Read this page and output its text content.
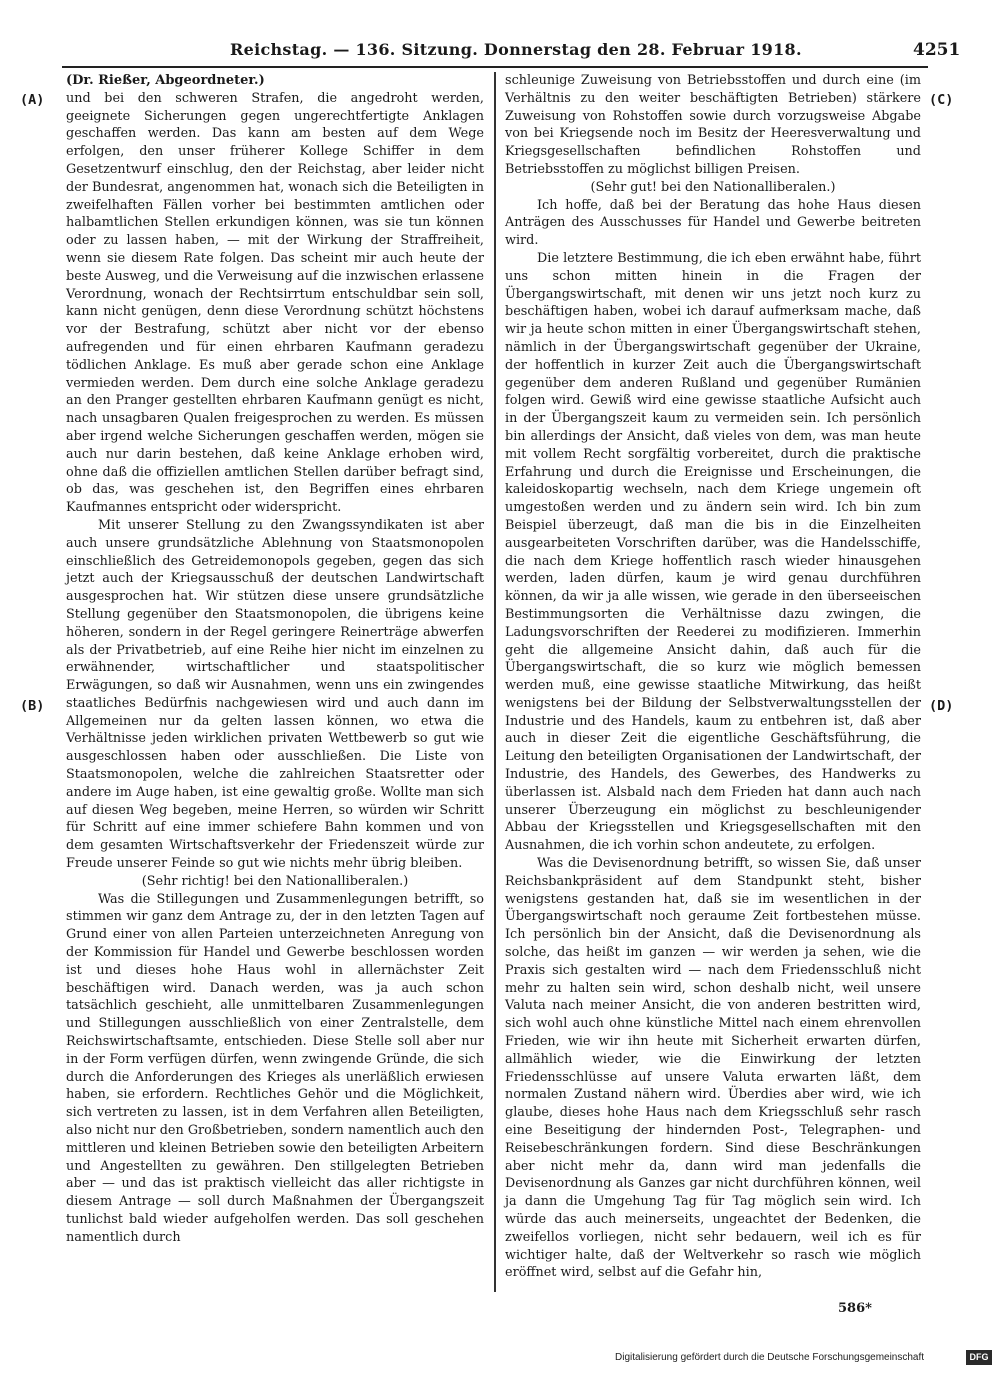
Reichstag. — 136. Sitzung. Donnerstag den 28. Februar 1918.	4251
(A)
(B)
(C)
(D)

(Dr. Rießer, Abgeordneter.)

und bei den schweren Strafen, die angedroht werden, geeignete Sicherungen gegen ungerechtfertigte Anklagen geschaffen werden. Das kann am besten auf dem Wege erfolgen, den unser früherer Kollege Schiffer in dem Gesetzentwurf einschlug, den der Reichstag, aber leider nicht der Bundesrat, angenommen hat, wonach sich die Beteiligten in zweifelhaften Fällen vorher bei bestimmten amtlichen oder halbamtlichen Stellen erkundigen können, was sie tun können oder zu lassen haben, — mit der Wirkung der Straffreiheit, wenn sie diesem Rate folgen. Das scheint mir auch heute der beste Ausweg, und die Verweisung auf die inzwischen erlassene Verordnung, wonach der Rechtsirrtum entschuldbar sein soll, kann nicht genügen, denn diese Verordnung schützt höchstens vor der Bestrafung, schützt aber nicht vor der ebenso aufregenden und für einen ehrbaren Kaufmann geradezu tödlichen Anklage. Es muß aber gerade schon eine Anklage vermieden werden. Dem durch eine solche Anklage geradezu an den Pranger gestellten ehrbaren Kaufmann genügt es nicht, nach unsagbaren Qualen freigesprochen zu werden. Es müssen aber irgend welche Sicherungen geschaffen werden, mögen sie auch nur darin bestehen, daß keine Anklage erhoben wird, ohne daß die offiziellen amtlichen Stellen darüber befragt sind, ob das, was geschehen ist, den Begriffen eines ehrbaren Kaufmannes entspricht oder widerspricht.

Mit unserer Stellung zu den Zwangssyndikaten ist aber auch unsere grundsätzliche Ablehnung von Staatsmonopolen einschließlich des Getreidemonopols gegeben, gegen das sich jetzt auch der Kriegsausschuß der deutschen Landwirtschaft ausgesprochen hat. Wir stützen diese unsere grundsätzliche Stellung gegenüber den Staatsmonopolen, die übrigens keine höheren, sondern in der Regel geringere Reinerträge abwerfen als der Privatbetrieb, auf eine Reihe hier nicht im einzelnen zu erwähnender, wirtschaftlicher und staatspolitischer Erwägungen, so daß wir Ausnahmen, wenn uns ein zwingendes staatliches Bedürfnis nachgewiesen wird und auch dann im Allgemeinen nur da gelten lassen können, wo etwa die Verhältnisse jeden wirklichen privaten Wettbewerb so gut wie ausgeschlossen haben oder ausschließen. Die Liste von Staatsmonopolen, welche die zahlreichen Staatsretter oder andere im Auge haben, ist eine gewaltig große. Wollte man sich auf diesen Weg begeben, meine Herren, so würden wir Schritt für Schritt auf eine immer schiefere Bahn kommen und von dem gesamten Wirtschaftsverkehr der Friedenszeit würde zur Freude unserer Feinde so gut wie nichts mehr übrig bleiben.

(Sehr richtig! bei den Nationalliberalen.)

Was die Stillegungen und Zusammenlegungen betrifft, so stimmen wir ganz dem Antrage zu, der in den letzten Tagen auf Grund einer von allen Parteien unterzeichneten Anregung von der Kommission für Handel und Gewerbe beschlossen worden ist und dieses hohe Haus wohl in allernächster Zeit beschäftigen wird. Danach werden, was ja auch schon tatsächlich geschieht, alle unmittelbaren Zusammenlegungen und Stillegungen ausschließlich von einer Zentralstelle, dem Reichswirtschaftsamte, entschieden. Diese Stelle soll aber nur in der Form verfügen dürfen, wenn zwingende Gründe, die sich durch die Anforderungen des Krieges als unerläßlich erwiesen haben, sie erfordern. Rechtliches Gehör und die Möglichkeit, sich vertreten zu lassen, ist in dem Verfahren allen Beteiligten, also nicht nur den Großbetrieben, sondern namentlich auch den mittleren und kleinen Betrieben sowie den beteiligten Arbeitern und Angestellten zu gewähren. Den stillgelegten Betrieben aber — und das ist praktisch vielleicht das aller richtigste in diesem Antrage — soll durch Maßnahmen der Übergangszeit tunlichst bald wieder aufgeholfen werden. Das soll geschehen namentlich durch

schleunige Zuweisung von Betriebsstoffen und durch eine (im Verhältnis zu den weiter beschäftigten Betrieben) stärkere Zuweisung von Rohstoffen sowie durch vorzugsweise Abgabe von bei Kriegsende noch im Besitz der Heeresverwaltung und Kriegsgesellschaften befindlichen Rohstoffen und Betriebsstoffen zu möglichst billigen Preisen.

(Sehr gut! bei den Nationalliberalen.)

Ich hoffe, daß bei der Beratung das hohe Haus diesen Anträgen des Ausschusses für Handel und Gewerbe beitreten wird.

Die letztere Bestimmung, die ich eben erwähnt habe, führt uns schon mitten hinein in die Fragen der Übergangswirtschaft, mit denen wir uns jetzt noch kurz zu beschäftigen haben, wobei ich darauf aufmerksam mache, daß wir ja heute schon mitten in einer Übergangswirtschaft stehen, nämlich in der Übergangswirtschaft gegenüber der Ukraine, der hoffentlich in kurzer Zeit auch die Übergangswirtschaft gegenüber dem anderen Rußland und gegenüber Rumänien folgen wird. Gewiß wird eine gewisse staatliche Aufsicht auch in der Übergangszeit kaum zu vermeiden sein. Ich persönlich bin allerdings der Ansicht, daß vieles von dem, was man heute mit vollem Recht sorgfältig vorbereitet, durch die praktische Erfahrung und durch die Ereignisse und Erscheinungen, die kaleidoskopartig wechseln, nach dem Kriege ungemein oft umgestoßen werden und zu ändern sein wird. Ich bin zum Beispiel überzeugt, daß man die bis in die Einzelheiten ausgearbeiteten Vorschriften darüber, was die Handelsschiffe, die nach dem Kriege hoffentlich rasch wieder hinausgehen werden, laden dürfen, kaum je wird genau durchführen können, da wir ja alle wissen, wie gerade in den überseeischen Bestimmungsorten die Verhältnisse dazu zwingen, die Ladungsvorschriften der Reederei zu modifizieren. Immerhin geht die allgemeine Ansicht dahin, daß auch für die Übergangswirtschaft, die so kurz wie möglich bemessen werden muß, eine gewisse staatliche Mitwirkung, das heißt wenigstens bei der Bildung der Selbstverwaltungsstellen der Industrie und des Handels, kaum zu entbehren ist, daß aber auch in dieser Zeit die eigentliche Geschäftsführung, die Leitung den beteiligten Organisationen der Landwirtschaft, der Industrie, des Handels, des Gewerbes, des Handwerks zu überlassen ist. Alsbald nach dem Frieden hat dann auch nach unserer Überzeugung ein möglichst zu beschleunigender Abbau der Kriegsstellen und Kriegsgesellschaften mit den Ausnahmen, die ich vorhin schon andeutete, zu erfolgen.

Was die Devisenordnung betrifft, so wissen Sie, daß unser Reichsbankpräsident auf dem Standpunkt steht, bisher wenigstens gestanden hat, daß sie im wesentlichen in der Übergangswirtschaft noch geraume Zeit fortbestehen müsse. Ich persönlich bin der Ansicht, daß die Devisenordnung als solche, das heißt im ganzen — wir werden ja sehen, wie die Praxis sich gestalten wird — nach dem Friedensschluß nicht mehr zu halten sein wird, schon deshalb nicht, weil unsere Valuta nach meiner Ansicht, die von anderen bestritten wird, sich wohl auch ohne künstliche Mittel nach einem ehrenvollen Frieden, wie wir ihn heute mit Sicherheit erwarten dürfen, allmählich wieder, wie die Einwirkung der letzten Friedensschlüsse auf unsere Valuta erwarten läßt, dem normalen Zustand nähern wird. Überdies aber wird, wie ich glaube, dieses hohe Haus nach dem Kriegsschluß sehr rasch eine Beseitigung der hindernden Post-, Telegraphen- und Reisebeschränkungen fordern. Sind diese Beschränkungen aber nicht mehr da, dann wird man jedenfalls die Devisenordnung als Ganzes gar nicht durchführen können, weil ja dann die Umgehung Tag für Tag möglich sein wird. Ich würde das auch meinerseits, ungeachtet der Bedenken, die zweifellos vorliegen, nicht sehr bedauern, weil ich es für wichtiger halte, daß der Weltverkehr so rasch wie möglich eröffnet wird, selbst auf die Gefahr hin,

586*
Digitalisierung gefördert durch die Deutsche Forschungsgemeinschaft	DFG
